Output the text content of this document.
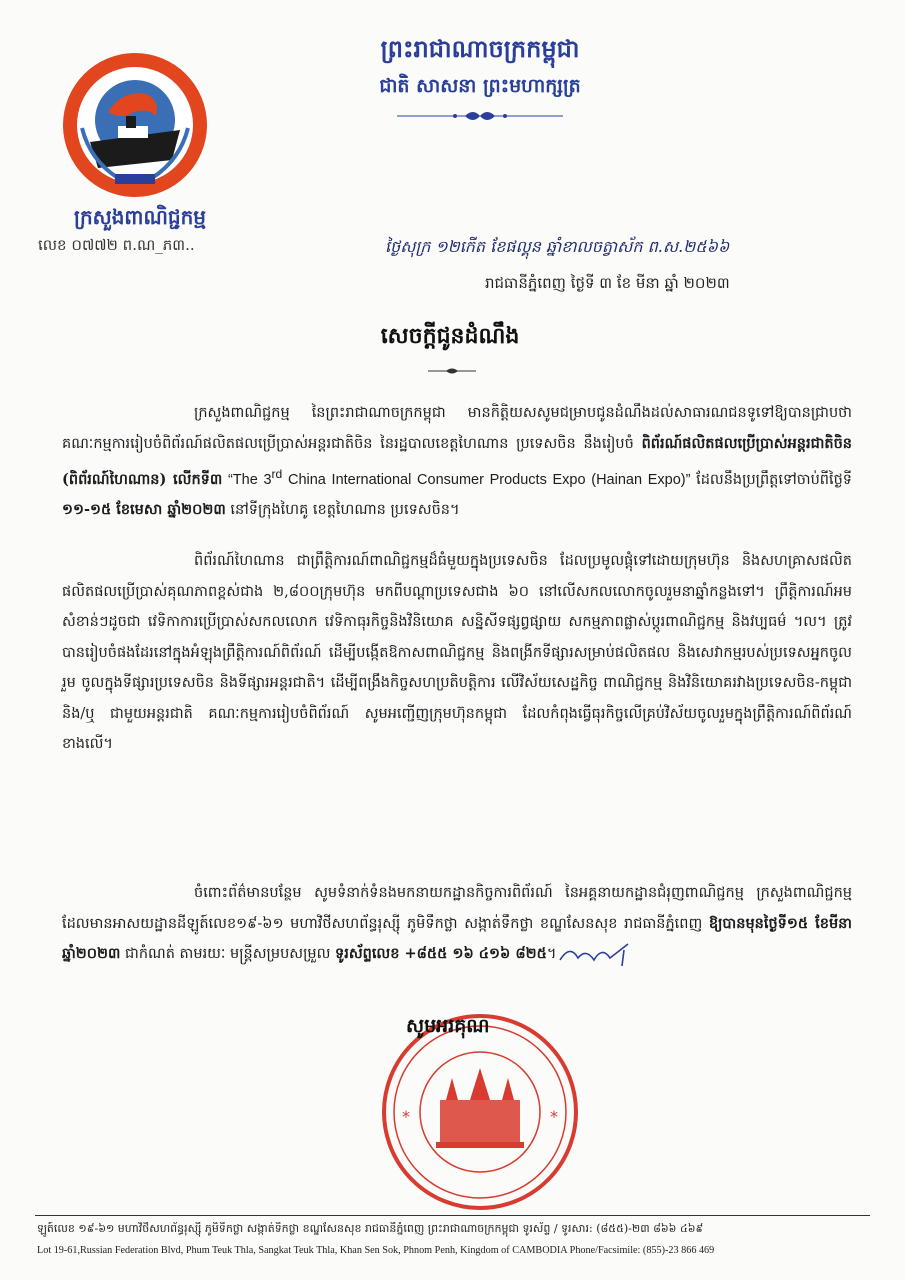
ក្រសួងពាណិជ្ជកម្ម
លេខ ០៧៧២ ព.ណ_ភ៣..
ព្រះរាជាណាចក្រកម្ពុជា
ជាតិ សាសនា ព្រះមហាក្សត្រ
ថ្ងៃសុក្រ ១២កើត ខែផល្គុន ឆ្នាំខាលចត្វាស័ក ព.ស.២៥៦៦
រាជធានីភ្នំពេញ ថ្ងៃទី ៣ ខែ មីនា ឆ្នាំ ២០២៣
សេចក្ដីជូនដំណឹង
ក្រសួងពាណិជ្ជកម្ម នៃព្រះរាជាណាចក្រកម្ពុជា មានកិត្តិយសសូមជម្រាបជូនដំណឹងដល់សាធារណជនទូទៅឱ្យបានជ្រាបថា គណៈកម្មការរៀបចំពិព័រណ៍ផលិតផលប្រើប្រាស់អន្តរជាតិចិន នៃរដ្ឋបាលខេត្តហៃណាន ប្រទេសចិន នឹងរៀបចំ ពិព័រណ៍ផលិតផលប្រើប្រាស់អន្តរជាតិចិន (ពិព័រណ៍ហៃណាន) លើកទី៣ “The 3rd China International Consumer Products Expo (Hainan Expo)” ដែលនឹងប្រព្រឹត្តទៅចាប់ពីថ្ងៃទី ១១-១៥ ខែមេសា ឆ្នាំ២០២៣ នៅទីក្រុងហៃគូ ខេត្តហៃណាន ប្រទេសចិន។
ពិព័រណ៍ហៃណាន ជាព្រឹត្តិការណ៍ពាណិជ្ជកម្មដ៏ធំមួយក្នុងប្រទេសចិន ដែលប្រមូលផ្តុំទៅដោយក្រុមហ៊ុន និងសហគ្រាសផលិតផលិតផលប្រើប្រាស់គុណភាពខ្ពស់ជាង ២,៨០០ក្រុមហ៊ុន មកពីបណ្តាប្រទេសជាង ៦០ នៅលើសកលលោកចូលរួមនាឆ្នាំកន្លងទៅ។ ព្រឹត្តិការណ៍អមសំខាន់ៗដូចជា វេទិកាការប្រើប្រាស់សកលលោក វេទិកាធុរកិច្ចនិងវិនិយោគ សន្និសីទផ្សព្វផ្សាយ សកម្មភាពផ្លាស់ប្តូរពាណិជ្ជកម្ម និងវប្បធម៌ ។ល។ ត្រូវបានរៀបចំផងដែរនៅក្នុងអំឡុងព្រឹត្តិការណ៍ពិព័រណ៍ ដើម្បីបង្កើតឱកាសពាណិជ្ជកម្ម និងពង្រីកទីផ្សារសម្រាប់ផលិតផល និងសេវាកម្មរបស់ប្រទេសអ្នកចូលរួម ចូលក្នុងទីផ្សារប្រទេសចិន និងទីផ្សារអន្តរជាតិ។ ដើម្បីពង្រឹងកិច្ចសហប្រតិបត្តិការ លើវិស័យសេដ្ឋកិច្ច ពាណិជ្ជកម្ម និងវិនិយោគរវាងប្រទេសចិន-កម្ពុជា និង/ឬ ជាមួយអន្តរជាតិ គណៈកម្មការរៀបចំពិព័រណ៍ សូមអញ្ជើញក្រុមហ៊ុនកម្ពុជា ដែលកំពុងធ្វើធុរកិច្ចលើគ្រប់វិស័យចូលរួមក្នុងព្រឹត្តិការណ៍ពិព័រណ៍ខាងលើ។
ចំពោះព័ត៌មានបន្ថែម សូមទំនាក់ទំនងមកនាយកដ្ឋានកិច្ចការពិព័រណ៍ នៃអគ្គនាយកដ្ឋានជំរុញពាណិជ្ជកម្ម ក្រសួងពាណិជ្ជកម្ម ដែលមានអាសយដ្ឋានដីឡូត៍លេខ១៩-៦១ មហាវិថីសហព័ន្ធរុស្ស៊ី ភូមិទឹកថ្លា សង្កាត់ទឹកថ្លា ខណ្ឌសែនសុខ រាជធានីភ្នំពេញ ឱ្យបានមុនថ្ងៃទី១៥ ខែមីនា ឆ្នាំ២០២៣ ជាកំណត់ តាមរយៈ មន្ត្រីសម្របសម្រួល ទូរស័ព្ទលេខ +៨៥៥ ១៦ ៤១៦ ៨២៥។
*	*
សូមអរគុណ
ឡូត៍លេខ ១៩-៦១ មហាវិថីសហព័ន្ធរុស្ស៊ី ភូមិទឹកថ្លា សង្កាត់ទឹកថ្លា ខណ្ឌសែនសុខ រាជធានីភ្នំពេញ ព្រះរាជាណាចក្រកម្ពុជា ទូរស័ព្ទ / ទូរសារ: (៨៥៥)-២៣ ៨៦៦ ៤៦៩
Lot 19-61,Russian Federation Blvd, Phum Teuk Thla, Sangkat Teuk Thla, Khan Sen Sok, Phnom Penh, Kingdom of CAMBODIA Phone/Facsimile: (855)-23 866 469
